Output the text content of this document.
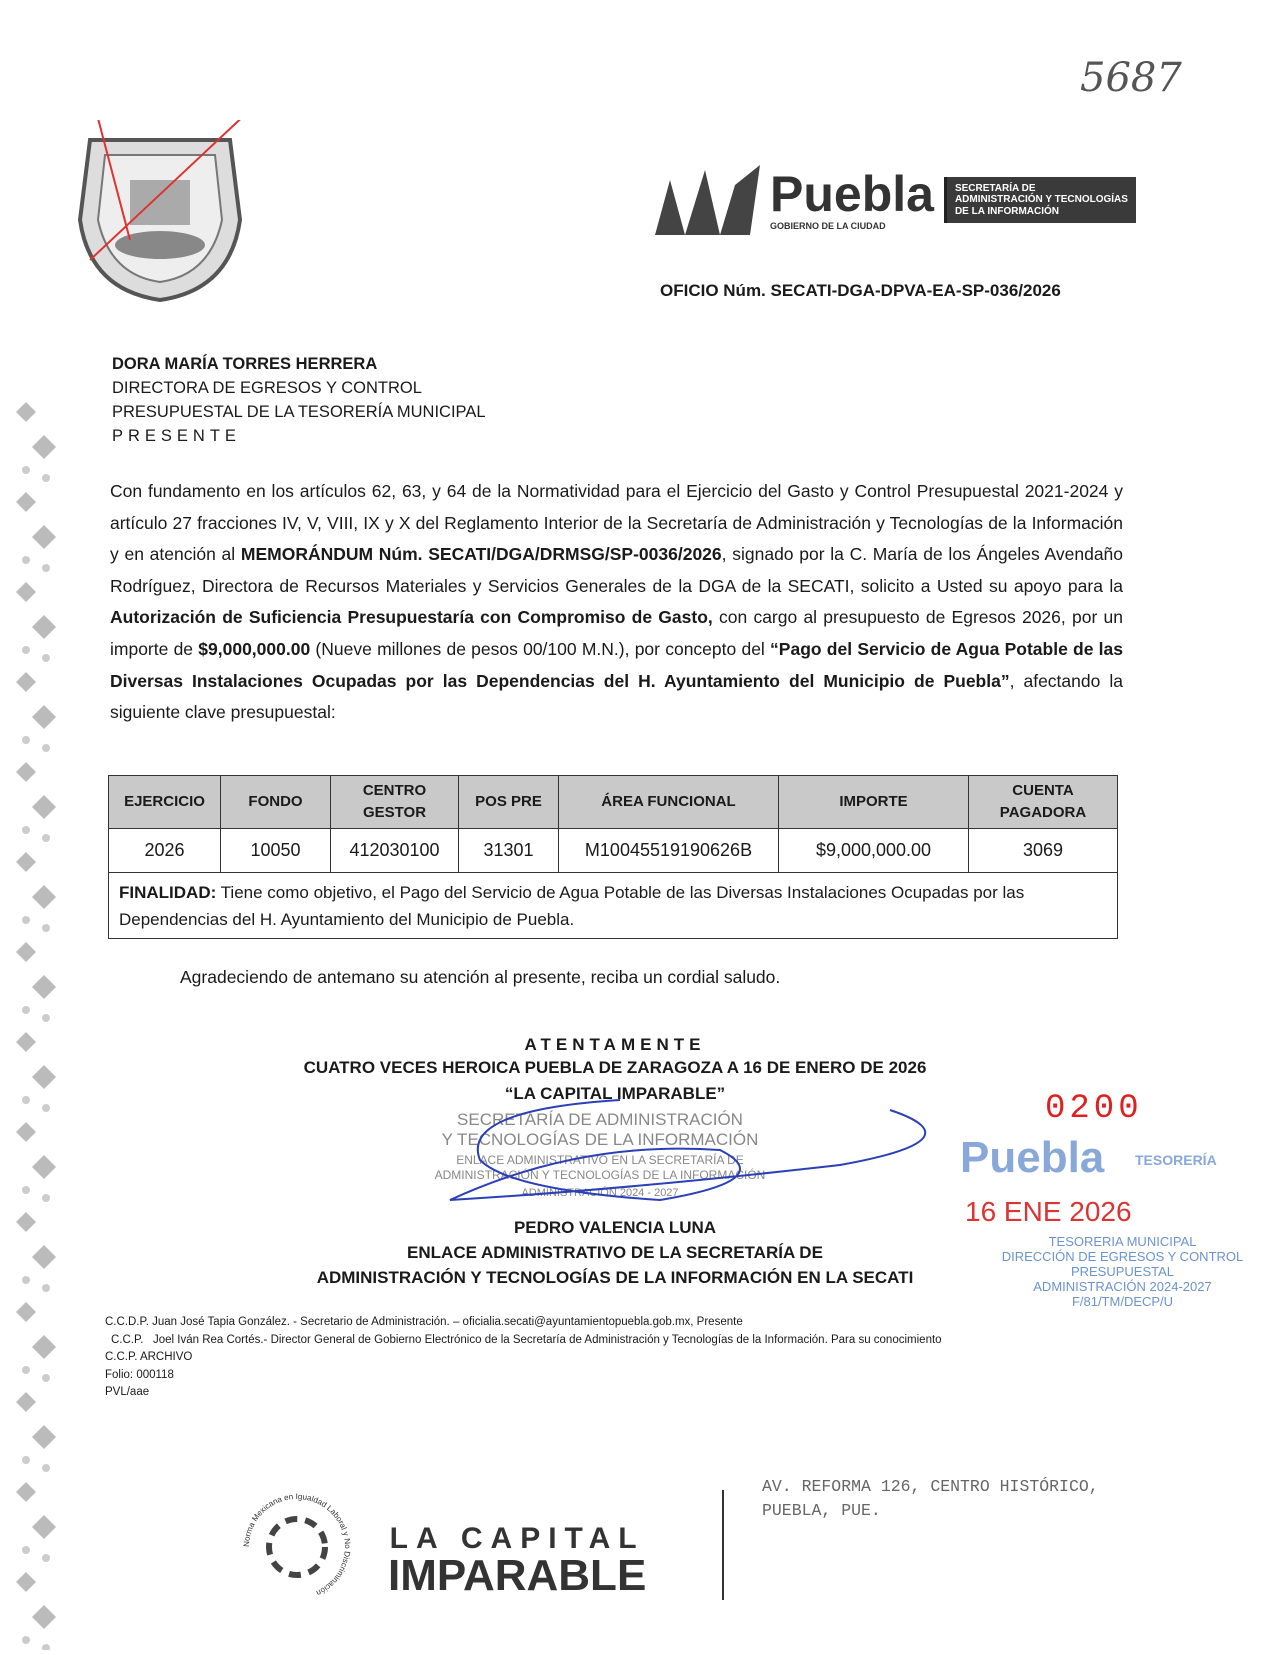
5687
Puebla
GOBIERNO DE LA CIUDAD
SECRETARÍA DE
ADMINISTRACIÓN Y TECNOLOGÍAS
DE LA INFORMACIÓN
OFICIO Núm. SECATI-DGA-DPVA-EA-SP-036/2026
DORA MARÍA TORRES HERRERA
DIRECTORA DE EGRESOS Y CONTROL
PRESUPUESTAL DE LA TESORERÍA MUNICIPAL
PRESENTE
Con fundamento en los artículos 62, 63, y 64 de la Normatividad para el Ejercicio del Gasto y Control Presupuestal 2021-2024 y artículo 27 fracciones IV, V, VIII, IX y X del Reglamento Interior de la Secretaría de Administración y Tecnologías de la Información y en atención al MEMORÁNDUM Núm. SECATI/DGA/DRMSG/SP-0036/2026, signado por la C. María de los Ángeles Avendaño Rodríguez, Directora de Recursos Materiales y Servicios Generales de la DGA de la SECATI, solicito a Usted su apoyo para la Autorización de Suficiencia Presupuestaría con Compromiso de Gasto, con cargo al presupuesto de Egresos 2026, por un importe de $9,000,000.00 (Nueve millones de pesos 00/100 M.N.), por concepto del “Pago del Servicio de Agua Potable de las Diversas Instalaciones Ocupadas por las Dependencias del H. Ayuntamiento del Municipio de Puebla”, afectando la siguiente clave presupuestal:
EJERCICIO	FONDO	CENTRO GESTOR	POS PRE	ÁREA FUNCIONAL	IMPORTE	CUENTA PAGADORA
2026	10050	412030100	31301	M10045519190626B	$9,000,000.00	3069
FINALIDAD: Tiene como objetivo, el Pago del Servicio de Agua Potable de las Diversas Instalaciones Ocupadas por las Dependencias del H. Ayuntamiento del Municipio de Puebla.						
Agradeciendo de antemano su atención al presente, reciba un cordial saludo.
ATENTAMENTE
CUATRO VECES HEROICA PUEBLA DE ZARAGOZA A 16 DE ENERO DE 2026
“LA CAPITAL IMPARABLE”
SECRETARÍA DE ADMINISTRACIÓN
Y TECNOLOGÍAS DE LA INFORMACIÓN
ENLACE ADMINISTRATIVO EN LA SECRETARÍA DE
ADMINISTRACIÓN Y TECNOLOGÍAS DE LA INFORMACIÓN
ADMINISTRACIÓN 2024 - 2027
PEDRO VALENCIA LUNA
ENLACE ADMINISTRATIVO DE LA SECRETARÍA DE
ADMINISTRACIÓN Y TECNOLOGÍAS DE LA INFORMACIÓN EN LA SECATI
0200
Puebla TESORERÍA
16 ENE 2026
TESORERIA MUNICIPAL
DIRECCIÓN DE EGRESOS Y CONTROL
PRESUPUESTAL
ADMINISTRACIÓN 2024-2027
F/81/TM/DECP/U
C.C.D.P. Juan José Tapia González. - Secretario de Administración. – oficialia.secati@ayuntamientopuebla.gob.mx, Presente
C.C.P.   Joel Iván Rea Cortés.- Director General de Gobierno Electrónico de la Secretaría de Administración y Tecnologías de la Información. Para su conocimiento
C.C.P. ARCHIVO
Folio: 000118
PVL/aae
Norma Mexicana en Igualdad Laboral y No Discriminación
LA CAPITAL
IMPARABLE
AV. REFORMA 126, CENTRO HISTÓRICO,
PUEBLA, PUE.
